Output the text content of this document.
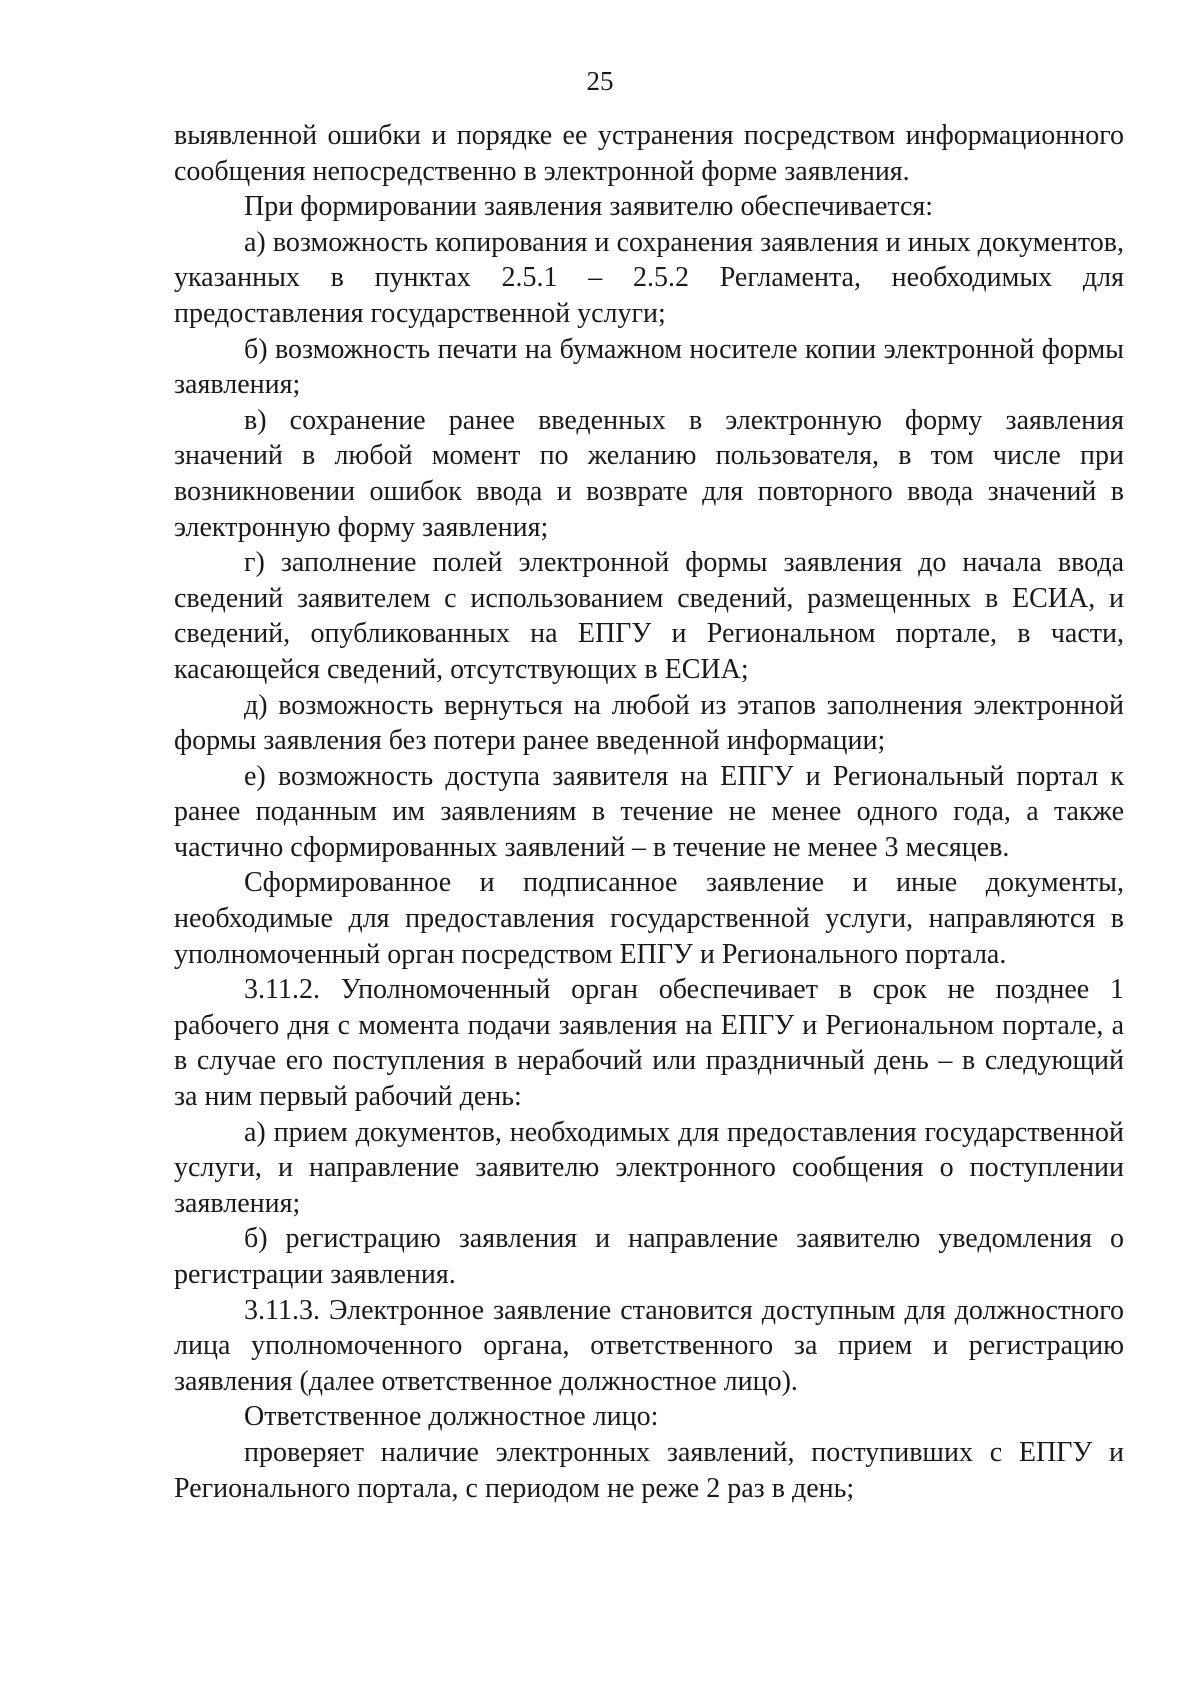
25

выявленной ошибки и порядке ее устранения посредством информационного сообщения непосредственно в электронной форме заявления.

При формировании заявления заявителю обеспечивается:

а) возможность копирования и сохранения заявления и иных документов, указанных в пунктах 2.5.1 – 2.5.2 Регламента, необходимых для предоставления государственной услуги;

б) возможность печати на бумажном носителе копии электронной формы заявления;

в) сохранение ранее введенных в электронную форму заявления значений в любой момент по желанию пользователя, в том числе при возникновении ошибок ввода и возврате для повторного ввода значений в электронную форму заявления;

г) заполнение полей электронной формы заявления до начала ввода сведений заявителем с использованием сведений, размещенных в ЕСИА, и сведений, опубликованных на ЕПГУ и Региональном портале, в части, касающейся сведений, отсутствующих в ЕСИА;

д) возможность вернуться на любой из этапов заполнения электронной формы заявления без потери ранее введенной информации;

е) возможность доступа заявителя на ЕПГУ и Региональный портал к ранее поданным им заявлениям в течение не менее одного года, а также частично сформированных заявлений – в течение не менее 3 месяцев.

Сформированное и подписанное заявление и иные документы, необходимые для предоставления государственной услуги, направляются в уполномоченный орган посредством ЕПГУ и Регионального портала.

3.11.2. Уполномоченный орган обеспечивает в срок не позднее 1 рабочего дня с момента подачи заявления на ЕПГУ и Региональном портале, а в случае его поступления в нерабочий или праздничный день – в следующий за ним первый рабочий день:

а) прием документов, необходимых для предоставления государственной услуги, и направление заявителю электронного сообщения о поступлении заявления;

б) регистрацию заявления и направление заявителю уведомления о регистрации заявления.

3.11.3. Электронное заявление становится доступным для должностного лица уполномоченного органа, ответственного за прием и регистрацию заявления (далее ответственное должностное лицо).

Ответственное должностное лицо:

проверяет наличие электронных заявлений, поступивших с ЕПГУ и Регионального портала, с периодом не реже 2 раз в день;
